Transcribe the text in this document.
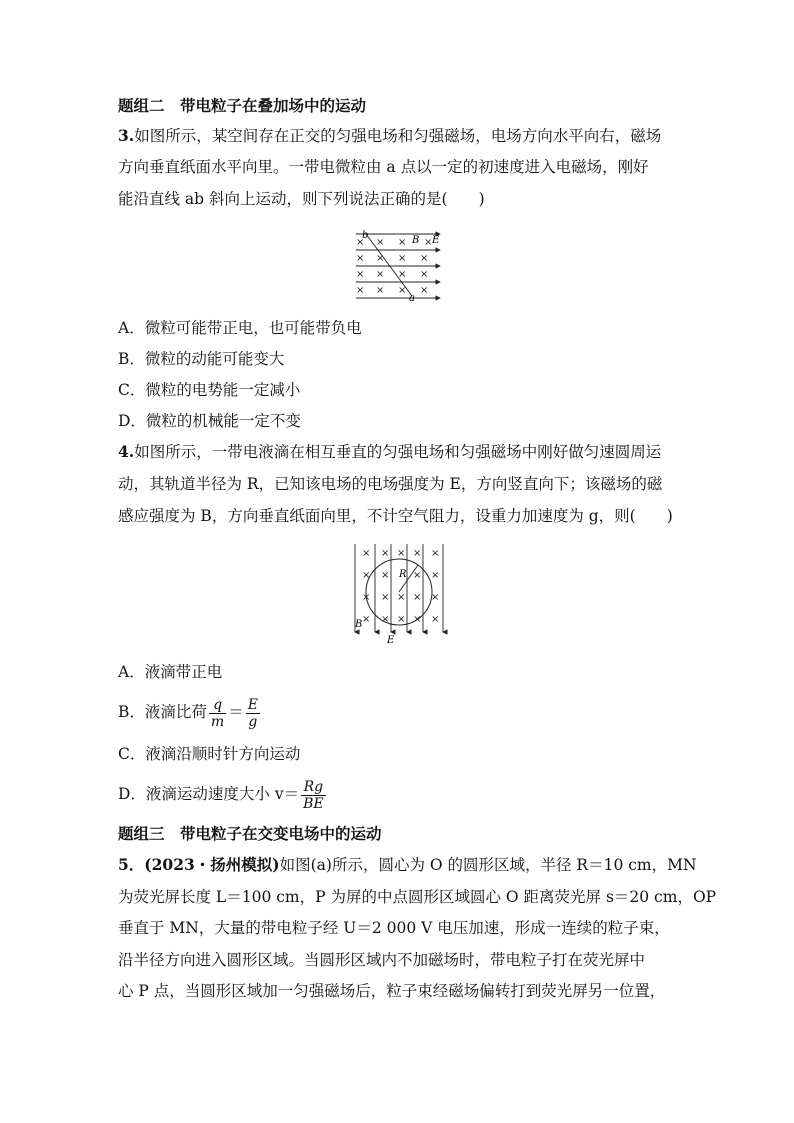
题组二　带电粒子在叠加场中的运动
3.如图所示，某空间存在正交的匀强电场和匀强磁场，电场方向水平向右，磁场
方向垂直纸面水平向里。一带电微粒由 a 点以一定的初速度进入电磁场，刚好
能沿直线 ab 斜向上运动，则下列说法正确的是(　　)
× × × ×
× × × ×
× × × ×
× × × ×
b
a
B E
A．微粒可能带正电，也可能带负电
B．微粒的动能可能变大
C．微粒的电势能一定减小
D．微粒的机械能一定不变
4.如图所示，一带电液滴在相互垂直的匀强电场和匀强磁场中刚好做匀速圆周运
动，其轨道半径为 R，已知该电场的电场强度为 E，方向竖直向下；该磁场的磁
感应强度为 B，方向垂直纸面向里，不计空气阻力，设重力加速度为 g，则(　　)
× × × × ×
× × × ×
× × × × ×
× × × × ×
R
B
E
A．液滴带正电
B．液滴比荷 $\frac{q}{m} = \frac{E}{g}$
C．液滴沿顺时针方向运动
D．液滴运动速度大小 $v= \frac{Rg}{BE}$
题组三　带电粒子在交变电场中的运动
5．(2023・扬州模拟)如图(a)所示，圆心为 O 的圆形区域，半径 R＝10 cm，MN
为荧光屏长度 L＝100 cm，P 为屏的中点圆形区域圆心 O 距离荧光屏 s＝20 cm，OP
垂直于 MN，大量的带电粒子经 U＝2 000 V 电压加速，形成一连续的粒子束，
沿半径方向进入圆形区域。当圆形区域内不加磁场时，带电粒子打在荧光屏中
心 P 点，当圆形区域加一匀强磁场后，粒子束经磁场偏转打到荧光屏另一位置，
